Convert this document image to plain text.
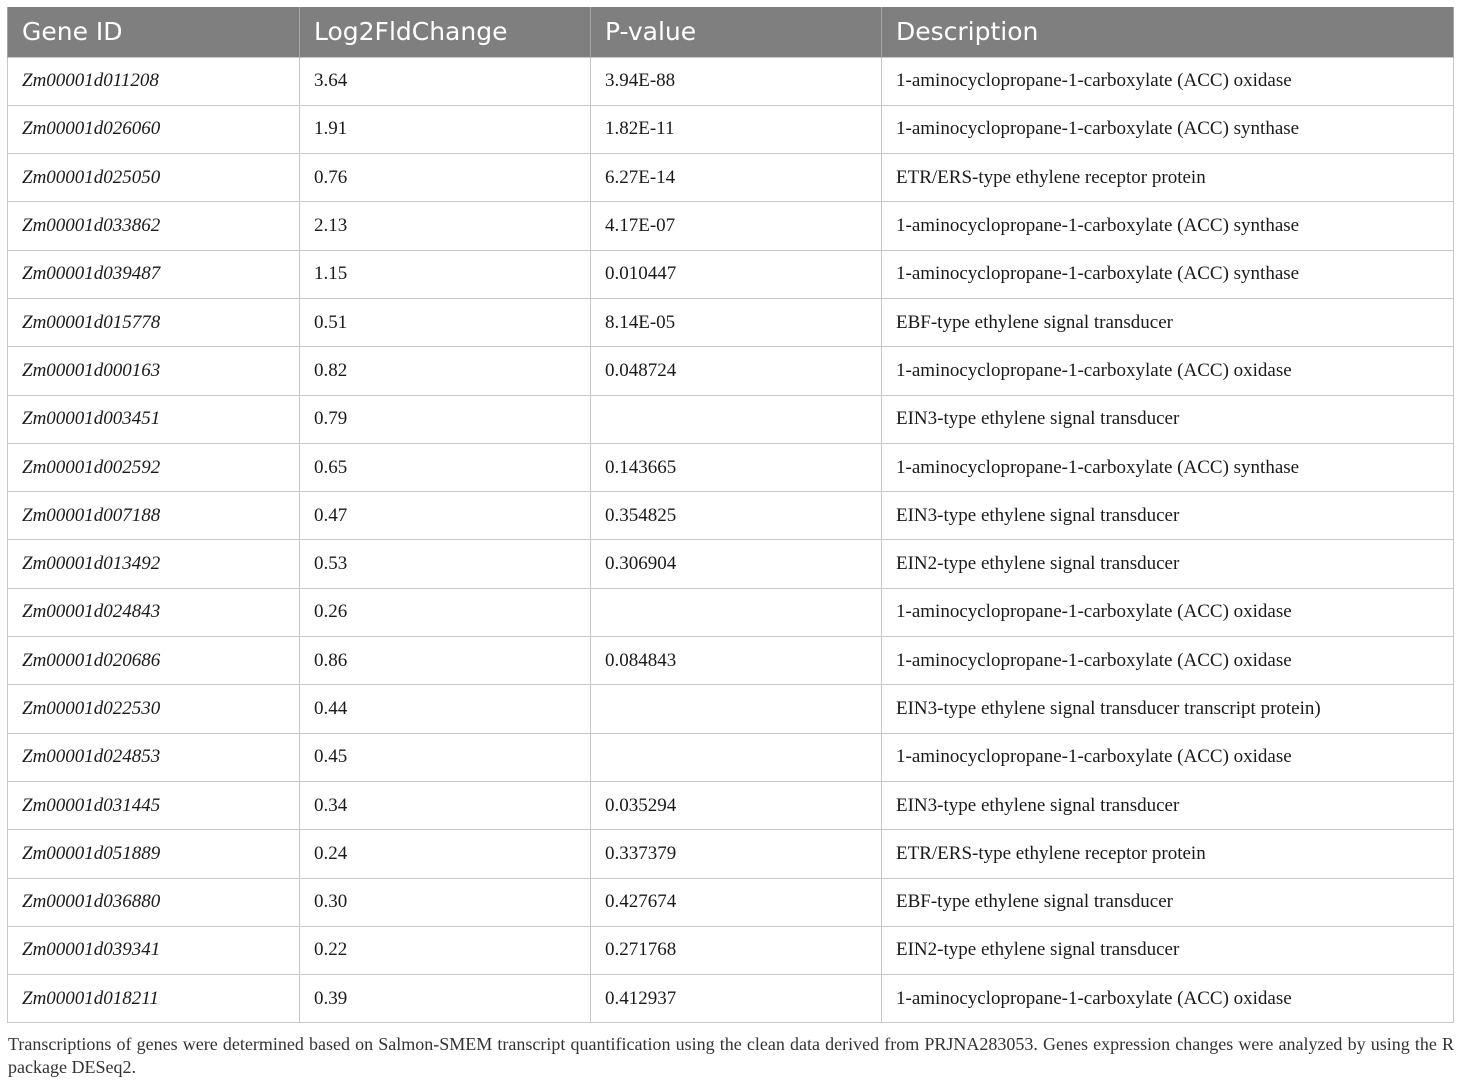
Gene ID	Log2FldChange	P-value	Description
Zm00001d011208	3.64	3.94E-88	1-aminocyclopropane-1-carboxylate (ACC) oxidase
Zm00001d026060	1.91	1.82E-11	1-aminocyclopropane-1-carboxylate (ACC) synthase
Zm00001d025050	0.76	6.27E-14	ETR/ERS-type ethylene receptor protein
Zm00001d033862	2.13	4.17E-07	1-aminocyclopropane-1-carboxylate (ACC) synthase
Zm00001d039487	1.15	0.010447	1-aminocyclopropane-1-carboxylate (ACC) synthase
Zm00001d015778	0.51	8.14E-05	EBF-type ethylene signal transducer
Zm00001d000163	0.82	0.048724	1-aminocyclopropane-1-carboxylate (ACC) oxidase
Zm00001d003451	0.79		EIN3-type ethylene signal transducer
Zm00001d002592	0.65	0.143665	1-aminocyclopropane-1-carboxylate (ACC) synthase
Zm00001d007188	0.47	0.354825	EIN3-type ethylene signal transducer
Zm00001d013492	0.53	0.306904	EIN2-type ethylene signal transducer
Zm00001d024843	0.26		1-aminocyclopropane-1-carboxylate (ACC) oxidase
Zm00001d020686	0.86	0.084843	1-aminocyclopropane-1-carboxylate (ACC) oxidase
Zm00001d022530	0.44		EIN3-type ethylene signal transducer transcript protein)
Zm00001d024853	0.45		1-aminocyclopropane-1-carboxylate (ACC) oxidase
Zm00001d031445	0.34	0.035294	EIN3-type ethylene signal transducer
Zm00001d051889	0.24	0.337379	ETR/ERS-type ethylene receptor protein
Zm00001d036880	0.30	0.427674	EBF-type ethylene signal transducer
Zm00001d039341	0.22	0.271768	EIN2-type ethylene signal transducer
Zm00001d018211	0.39	0.412937	1-aminocyclopropane-1-carboxylate (ACC) oxidase
Transcriptions of genes were determined based on Salmon-SMEM transcript quantification using the clean data derived from PRJNA283053. Genes expression changes were analyzed by using the R package DESeq2.
